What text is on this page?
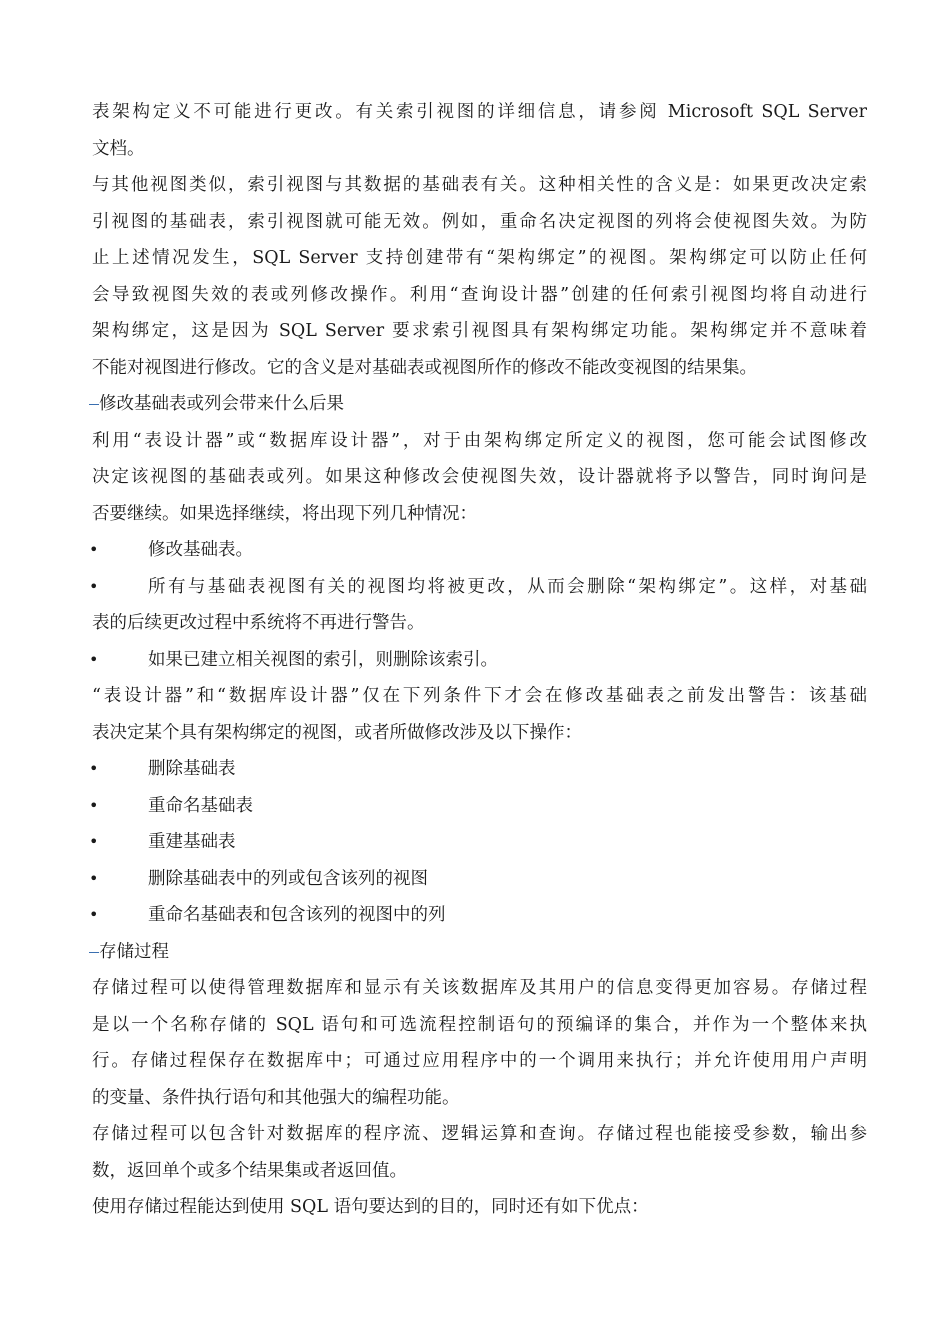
表架构定义不可能进行更改。有关索引视图的详细信息，请参阅 Microsoft SQL Server
文档。
与其他视图类似，索引视图与其数据的基础表有关。这种相关性的含义是：如果更改决定索
引视图的基础表，索引视图就可能无效。例如，重命名决定视图的列将会使视图失效。为防
止上述情况发生，SQL Server 支持创建带有“架构绑定”的视图。架构绑定可以防止任何
会导致视图失效的表或列修改操作。利用“查询设计器”创建的任何索引视图均将自动进行
架构绑定，这是因为 SQL Server 要求索引视图具有架构绑定功能。架构绑定并不意味着
不能对视图进行修改。它的含义是对基础表或视图所作的修改不能改变视图的结果集。
修改基础表或列会带来什么后果
利用“表设计器”或“数据库设计器”，对于由架构绑定所定义的视图，您可能会试图修改
决定该视图的基础表或列。如果这种修改会使视图失效，设计器就将予以警告，同时询问是
否要继续。如果选择继续，将出现下列几种情况：
•	修改基础表。
•	所有与基础表视图有关的视图均将被更改，从而会删除“架构绑定”。这样，对基础
表的后续更改过程中系统将不再进行警告。
•	如果已建立相关视图的索引，则删除该索引。
“表设计器”和“数据库设计器”仅在下列条件下才会在修改基础表之前发出警告：该基础
表决定某个具有架构绑定的视图，或者所做修改涉及以下操作：
•	删除基础表
•	重命名基础表
•	重建基础表
•	删除基础表中的列或包含该列的视图
•	重命名基础表和包含该列的视图中的列
存储过程
存储过程可以使得管理数据库和显示有关该数据库及其用户的信息变得更加容易。存储过程
是以一个名称存储的 SQL 语句和可选流程控制语句的预编译的集合，并作为一个整体来执
行。存储过程保存在数据库中；可通过应用程序中的一个调用来执行；并允许使用用户声明
的变量、条件执行语句和其他强大的编程功能。
存储过程可以包含针对数据库的程序流、逻辑运算和查询。存储过程也能接受参数，输出参
数，返回单个或多个结果集或者返回值。
使用存储过程能达到使用 SQL 语句要达到的目的，同时还有如下优点：
